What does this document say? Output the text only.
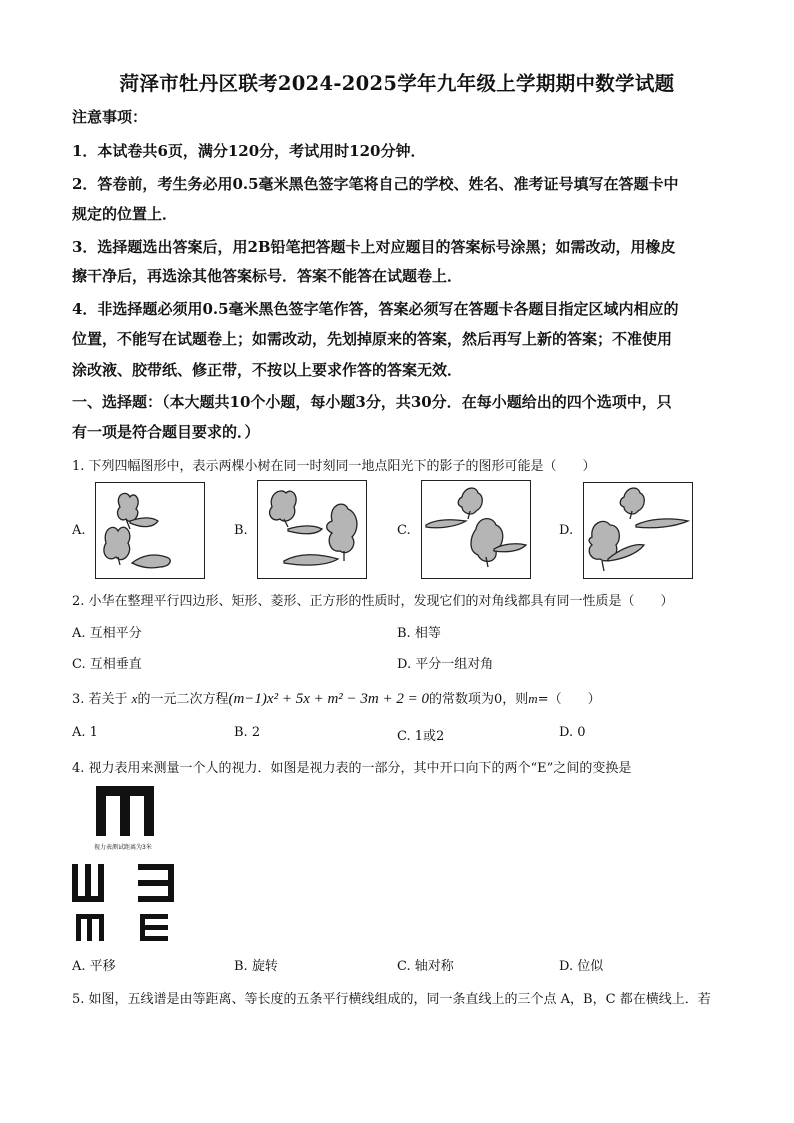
菏泽市牡丹区联考2024-2025学年九年级上学期期中数学试题
注意事项：
1．本试卷共6页，满分120分，考试用时120分钟．
2．答卷前，考生务必用0.5毫米黑色签字笔将自己的学校、姓名、准考证号填写在答题卡中
规定的位置上．
3．选择题选出答案后，用2B铅笔把答题卡上对应题目的答案标号涂黑；如需改动，用橡皮
擦干净后，再选涂其他答案标号．答案不能答在试题卷上．
4．非选择题必须用0.5毫米黑色签字笔作答，答案必须写在答题卡各题目指定区域内相应的
位置，不能写在试题卷上；如需改动，先划掉原来的答案，然后再写上新的答案；不准使用
涂改液、胶带纸、修正带，不按以上要求作答的答案无效．
一、选择题：（本大题共10个小题，每小题3分，共30分．在每小题给出的四个选项中，只
有一项是符合题目要求的．）
1. 下列四幅图形中，表示两棵小树在同一时刻同一地点阳光下的影子的图形可能是（　　）
A.	B.	C.	D.
2. 小华在整理平行四边形、矩形、菱形、正方形的性质时，发现它们的对角线都具有同一性质是（　　）
A. 互相平分	B. 相等
C. 互相垂直	D. 平分一组对角
3. 若关于 x的一元二次方程(m−1)x² + 5x + m² − 3m + 2 = 0的常数项为0，则m=（　　）
A. 1	B. 2	C. 1或2	D. 0
4. 视力表用来测量一个人的视力．如图是视力表的一部分，其中开口向下的两个“E”之间的变换是
视力表测试距离为3米
A. 平移	B. 旋转	C. 轴对称	D. 位似
5. 如图，五线谱是由等距离、等长度的五条平行横线组成的，同一条直线上的三个点 A，B，C 都在横线上．若
